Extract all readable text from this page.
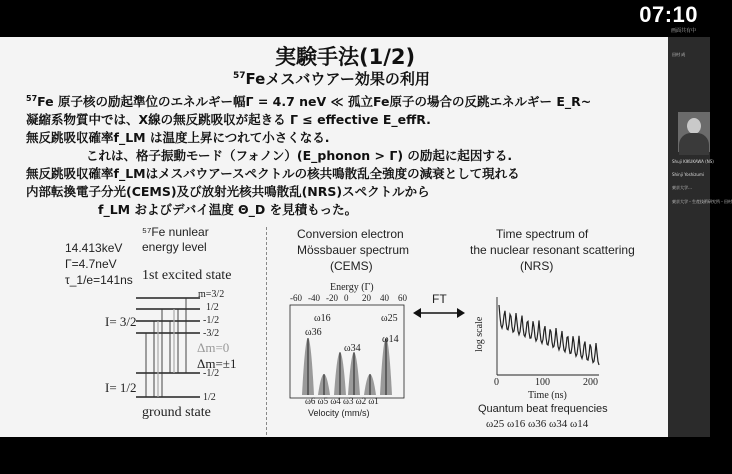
07:10
画面共有中
実験手法(1/2)
$^{57}$Feメスバウアー効果の利用
$^{57}$Fe 原子核の励起準位のエネルギー幅Γ = 4.7 neV ≪ 孤立Fe原子の場合の反跳エネルギー E_R~
凝縮系物質中では、X線の無反跳吸収が起きる Γ ≤ effective E_effR.
無反跳吸収確率f_LM は温度上昇につれて小さくなる.
これは、格子振動モード（フォノン）(E_phonon > Γ) の励起に起因する.
無反跳吸収確率f_LMはメスバウアースペクトルの核共鳴散乱全強度の減衰として現れる
内部転換電子分光(CEMS)及び放射光核共鳴散乱(NRS)スペクトルから
f_LM およびデバイ温度 Θ_D を見積もった。
14.413keV
Γ=4.7neV
τ_1/e=141ns
⁵⁷Fe nunlear
energy level
1st excited state
I= 3/2
I= 1/2
m=3/2
1/2
-1/2
-3/2
-1/2
1/2
Δm=0
Δm=±1
ground state
Conversion electron
Mössbauer spectrum
(CEMS)
Energy (Γ)
-60 -40 -20 0 20 40 60
ω16
ω36
ω34
ω25
ω14
ω6 ω5 ω4 ω3 ω2 ω1
Velocity (mm/s)
FT
Time spectrum of
the nuclear resonant scattering
(NRS)
log scale
0	100	200
Time (ns)
Quantum beat frequencies
ω25 ω16 ω36 ω34 ω14
田村 成
Shuji KIKUKAWA (NS)
Shinji Yoshizumi
東京大学…
東京大学・生産技術研究所・田村
